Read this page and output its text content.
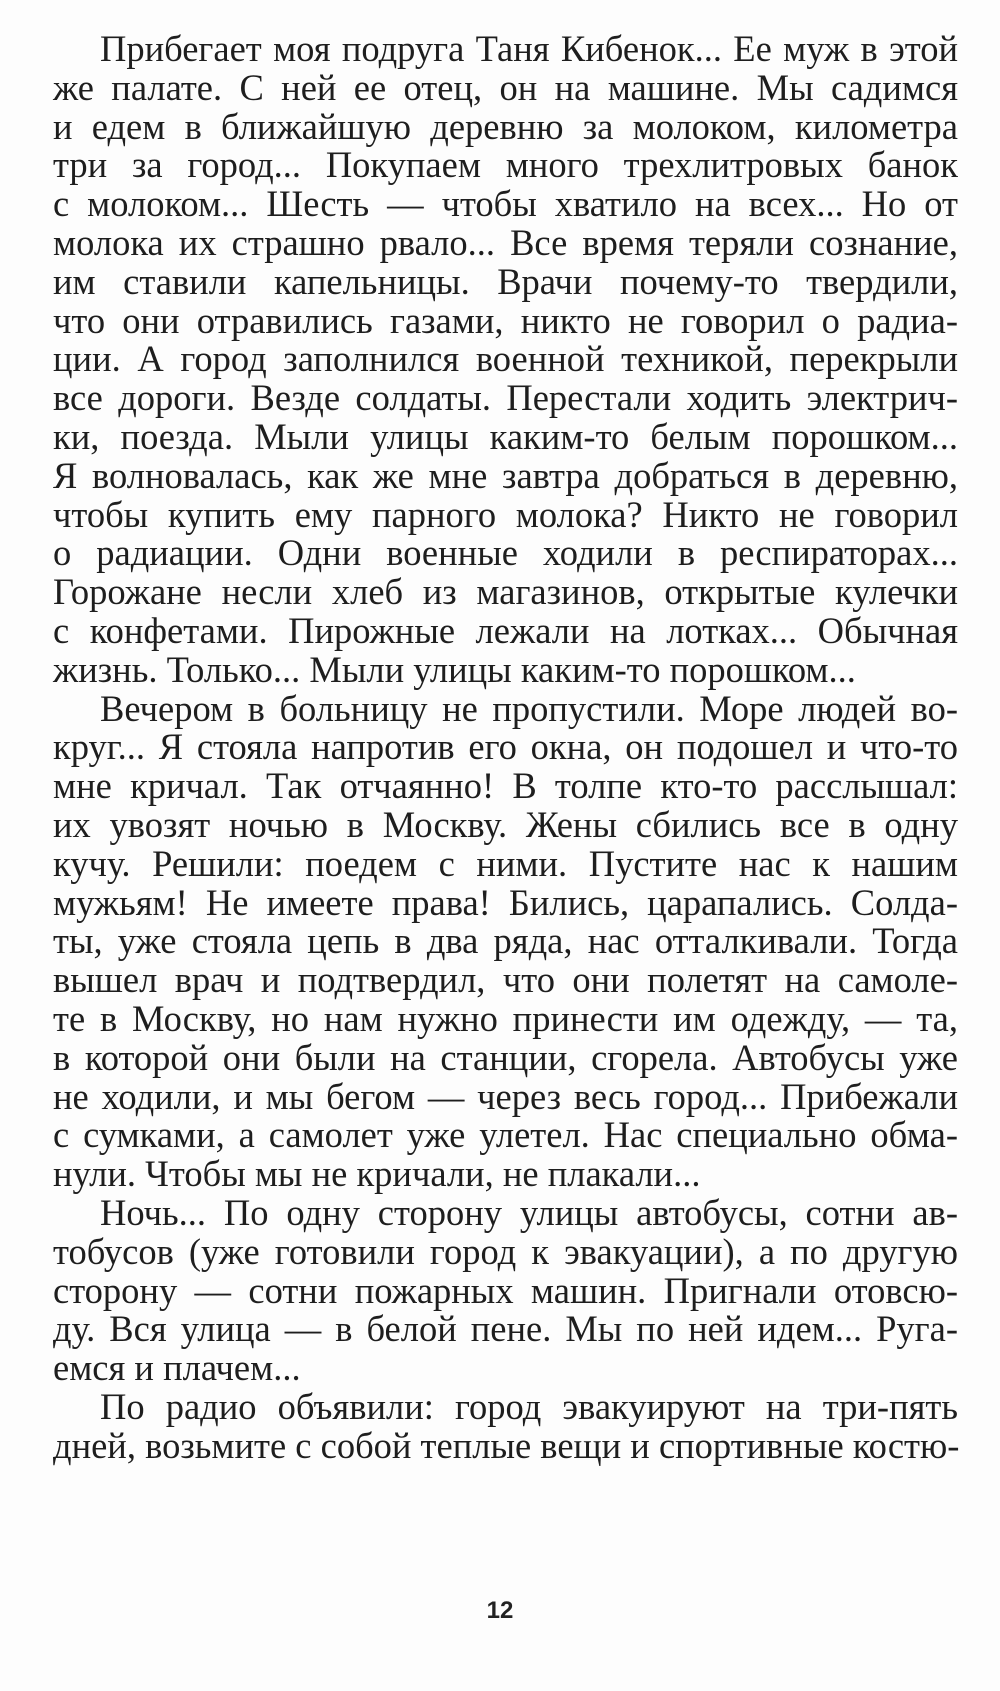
Прибегает моя подруга Таня Кибенок... Ее муж в этой
же палате. С ней ее отец, он на машине. Мы садимся
и едем в ближайшую деревню за молоком, километра
три за город... Покупаем много трехлитровых банок
с молоком... Шесть — чтобы хватило на всех... Но от
молока их страшно рвало... Все время теряли сознание,
им ставили капельницы. Врачи почему-то твердили,
что они отравились газами, никто не говорил о радиа-
ции. А город заполнился военной техникой, перекрыли
все дороги. Везде солдаты. Перестали ходить электрич-
ки, поезда. Мыли улицы каким-то белым порошком...
Я волновалась, как же мне завтра добраться в деревню,
чтобы купить ему парного молока? Никто не говорил
о радиации. Одни военные ходили в респираторах...
Горожане несли хлеб из магазинов, открытые кулечки
с конфетами. Пирожные лежали на лотках... Обычная
жизнь. Только... Мыли улицы каким-то порошком...
Вечером в больницу не пропустили. Море людей во-
круг... Я стояла напротив его окна, он подошел и что-то
мне кричал. Так отчаянно! В толпе кто-то расслышал:
их увозят ночью в Москву. Жены сбились все в одну
кучу. Решили: поедем с ними. Пустите нас к нашим
мужьям! Не имеете права! Бились, царапались. Солда-
ты, уже стояла цепь в два ряда, нас отталкивали. Тогда
вышел врач и подтвердил, что они полетят на самоле-
те в Москву, но нам нужно принести им одежду, — та,
в которой они были на станции, сгорела. Автобусы уже
не ходили, и мы бегом — через весь город... Прибежали
с сумками, а самолет уже улетел. Нас специально обма-
нули. Чтобы мы не кричали, не плакали...
Ночь... По одну сторону улицы автобусы, сотни ав-
тобусов (уже готовили город к эвакуации), а по другую
сторону — сотни пожарных машин. Пригнали отовсю-
ду. Вся улица — в белой пене. Мы по ней идем... Руга-
емся и плачем...
По радио объявили: город эвакуируют на три-пять
дней, возьмите с собой теплые вещи и спортивные костю-
12
